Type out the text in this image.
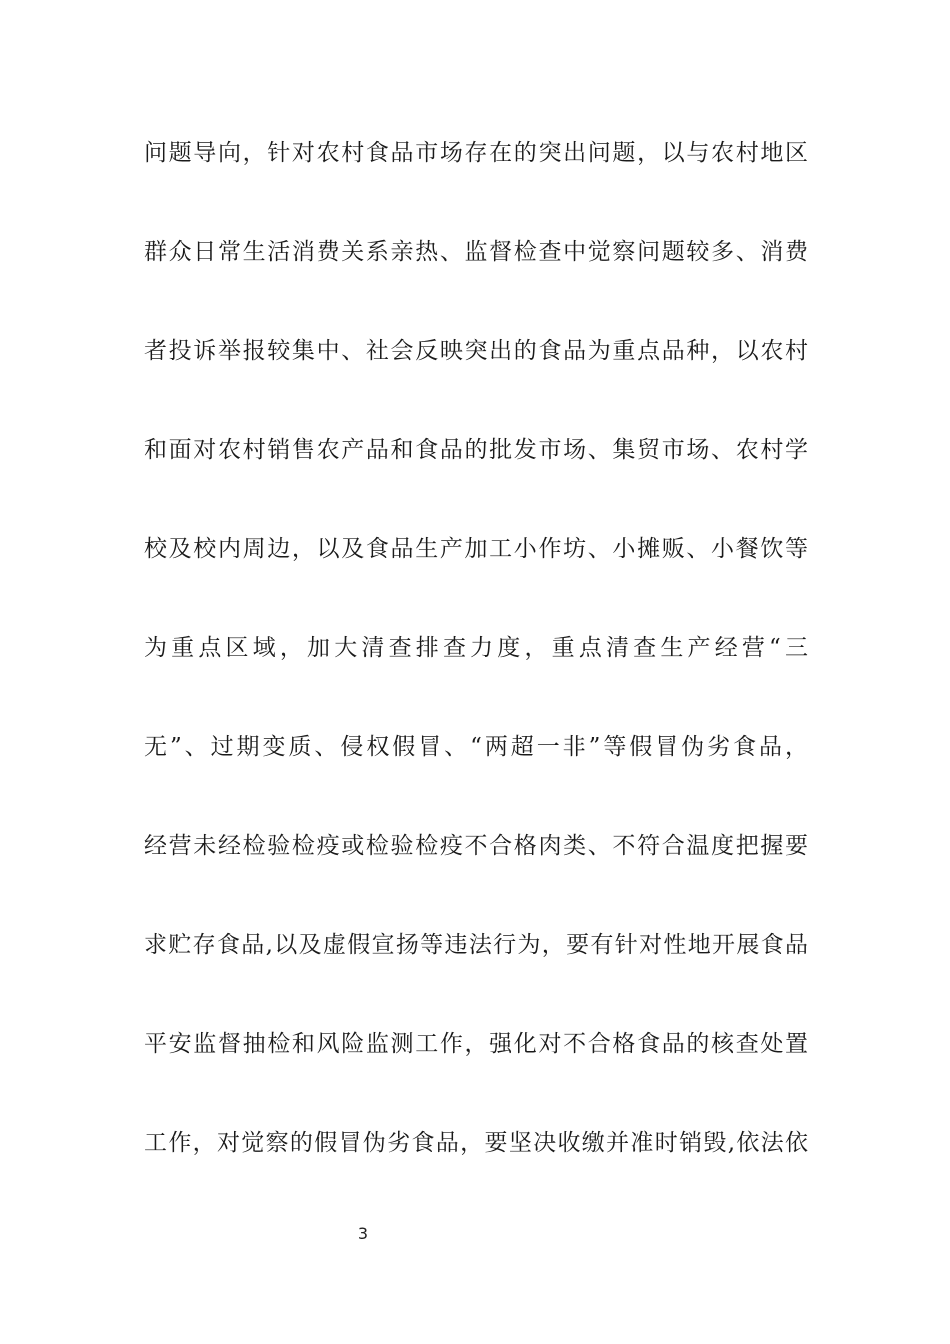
问题导向，针对农村食品市场存在的突出问题，以与农村地区
群众日常生活消费关系亲热、监督检查中觉察问题较多、消费
者投诉举报较集中、社会反映突出的食品为重点品种，以农村
和面对农村销售农产品和食品的批发市场、集贸市场、农村学
校及校内周边，以及食品生产加工小作坊、小摊贩、小餐饮等
为重点区域，加大清查排查力度，重点清查生产经营“三
无”、过期变质、侵权假冒、“两超一非”等假冒伪劣食品，
经营未经检验检疫或检验检疫不合格肉类、不符合温度把握要
求贮存食品,以及虚假宣扬等违法行为，要有针对性地开展食品
平安监督抽检和风险监测工作，强化对不合格食品的核查处置
工作，对觉察的假冒伪劣食品，要坚决收缴并准时销毁,依法依
3
